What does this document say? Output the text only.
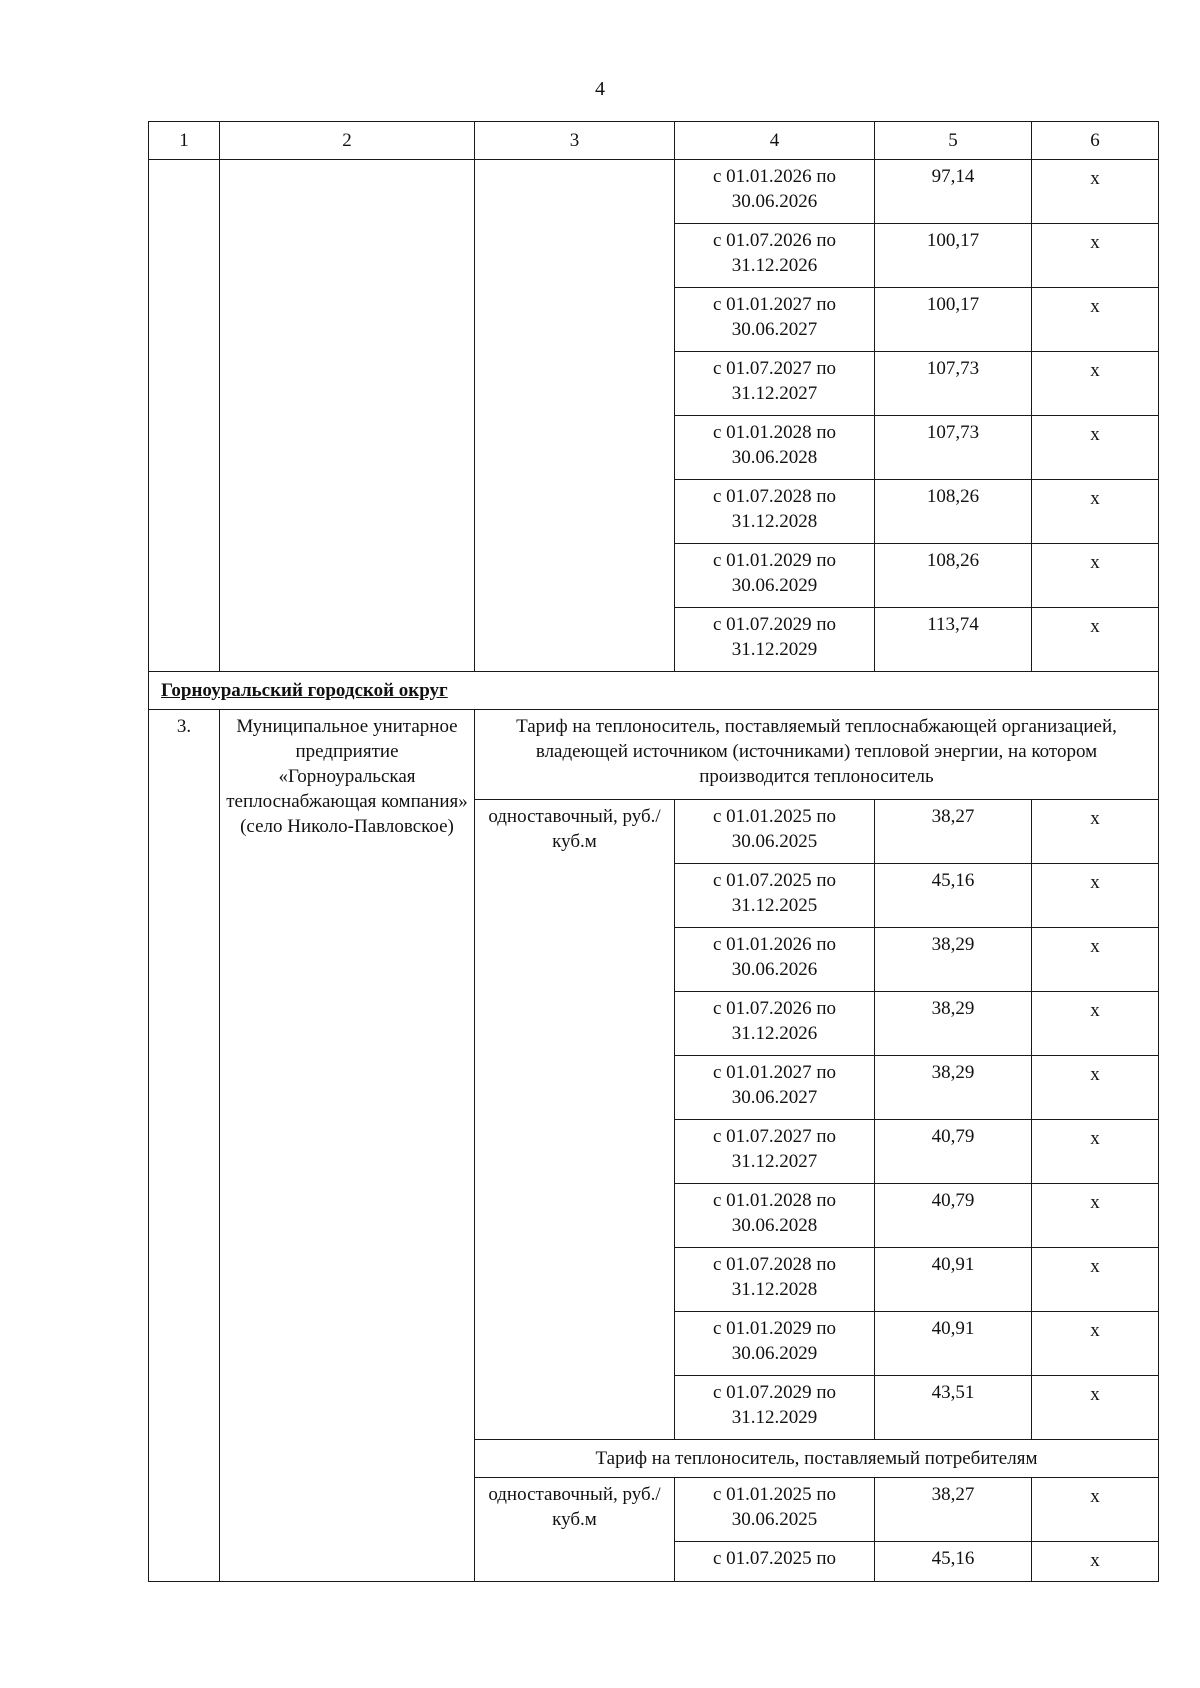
4
1	2	3	4	5	6
			с 01.01.2026 по 30.06.2026	97,14	х
			с 01.07.2026 по 31.12.2026	100,17	х
			с 01.01.2027 по 30.06.2027	100,17	х
			с 01.07.2027 по 31.12.2027	107,73	х
			с 01.01.2028 по 30.06.2028	107,73	х
			с 01.07.2028 по 31.12.2028	108,26	х
			с 01.01.2029 по 30.06.2029	108,26	х
			с 01.07.2029 по 31.12.2029	113,74	х
Горноуральский городской округ					
3.	Муниципальное унитарное предприятие «Горноуральская теплоснабжающая компания» (село Николо-Павловское)	Тариф на теплоноситель, поставляемый теплоснабжающей организацией, владеющей источником (источниками) тепловой энергии, на котором производится теплоноситель			
		одноставочный, руб./куб.м	с 01.01.2025 по 30.06.2025	38,27	х
			с 01.07.2025 по 31.12.2025	45,16	х
			с 01.01.2026 по 30.06.2026	38,29	х
			с 01.07.2026 по 31.12.2026	38,29	х
			с 01.01.2027 по 30.06.2027	38,29	х
			с 01.07.2027 по 31.12.2027	40,79	х
			с 01.01.2028 по 30.06.2028	40,79	х
			с 01.07.2028 по 31.12.2028	40,91	х
			с 01.01.2029 по 30.06.2029	40,91	х
			с 01.07.2029 по 31.12.2029	43,51	х
		Тариф на теплоноситель, поставляемый потребителям			
		одноставочный, руб./куб.м	с 01.01.2025 по 30.06.2025	38,27	х
			с 01.07.2025 по	45,16	х
